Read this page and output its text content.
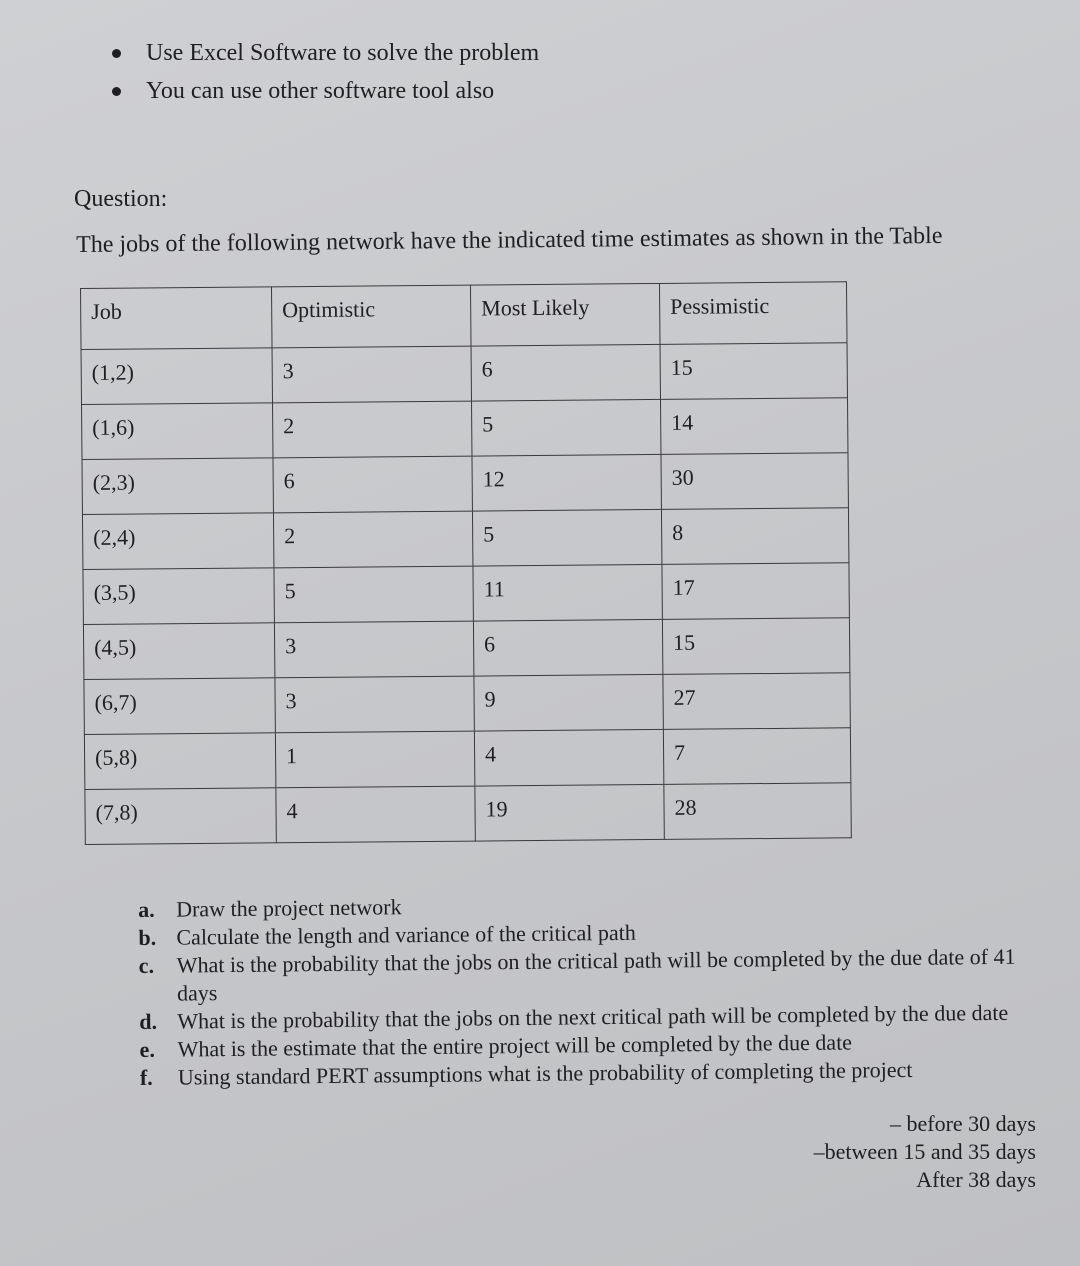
Use Excel Software to solve the problem
You can use other software tool also
Question:
The jobs of the following network have the indicated time estimates as shown in the Table
Job	Optimistic	Most Likely	Pessimistic
(1,2)	3	6	15
(1,6)	2	5	14
(2,3)	6	12	30
(2,4)	2	5	8
(3,5)	5	11	17
(4,5)	3	6	15
(6,7)	3	9	27
(5,8)	1	4	7
(7,8)	4	19	28
a. Draw the project network
b. Calculate the length and variance of the critical path
c.	What is the probability that the jobs on the critical path will be completed by the due date of 41 days
d. What is the probability that the jobs on the next critical path will be completed by the due date
e.	What is the estimate that the entire project will be completed by the due date
f.	Using standard PERT assumptions what is the probability of completing the project
– before 30 days
–between 15 and 35 days
After 38 days
